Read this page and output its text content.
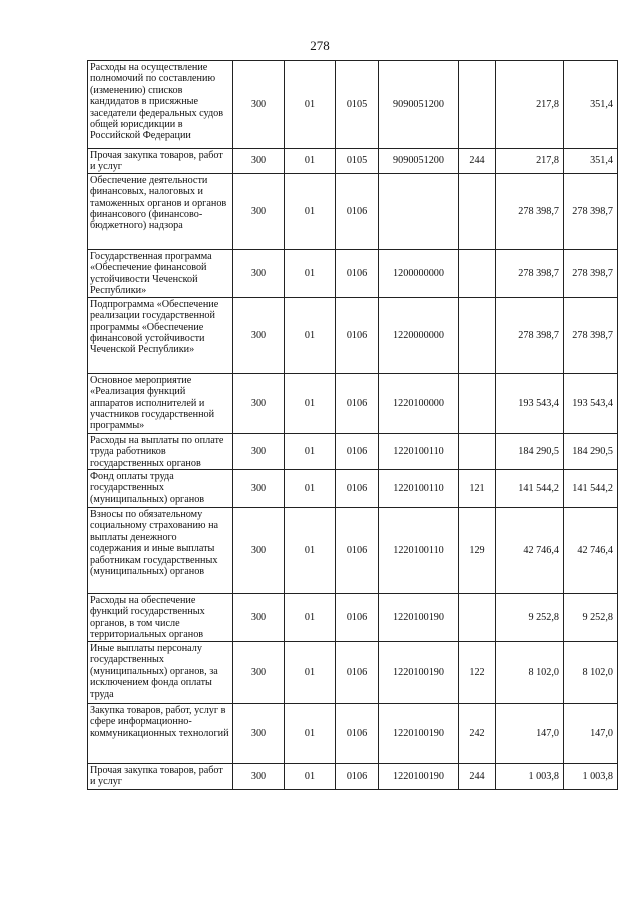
278
Расходы на осуществление полномочий по составлению (изменению) списков кандидатов в присяжные заседатели федеральных судов общей юрисдикции в Российской Федерации	300	01	0105	9090051200		217,8	351,4
Прочая закупка товаров, работ и услуг	300	01	0105	9090051200	244	217,8	351,4
Обеспечение деятельности финансовых, налоговых и таможенных органов и органов финансового (финансово-бюджетного) надзора	300	01	0106			278 398,7	278 398,7
Государственная программа «Обеспечение финансовой устойчивости Чеченской Республики»	300	01	0106	1200000000		278 398,7	278 398,7
Подпрограмма «Обеспечение реализации государственной программы «Обеспечение финансовой устойчивости Чеченской Республики»	300	01	0106	1220000000		278 398,7	278 398,7
Основное мероприятие «Реализация функций аппаратов исполнителей и участников государственной программы»	300	01	0106	1220100000		193 543,4	193 543,4
Расходы на выплаты по оплате труда работников государственных органов	300	01	0106	1220100110		184 290,5	184 290,5
Фонд оплаты труда государственных (муниципальных) органов	300	01	0106	1220100110	121	141 544,2	141 544,2
Взносы по обязательному социальному страхованию на выплаты денежного содержания и иные выплаты работникам государственных (муниципальных) органов	300	01	0106	1220100110	129	42 746,4	42 746,4
Расходы на обеспечение функций государственных органов, в том числе территориальных органов	300	01	0106	1220100190		9 252,8	9 252,8
Иные выплаты персоналу государственных (муниципальных) органов, за исключением фонда оплаты труда	300	01	0106	1220100190	122	8 102,0	8 102,0
Закупка товаров, работ, услуг в сфере информационно-коммуникационных технологий	300	01	0106	1220100190	242	147,0	147,0
Прочая закупка товаров, работ и услуг	300	01	0106	1220100190	244	1 003,8	1 003,8
